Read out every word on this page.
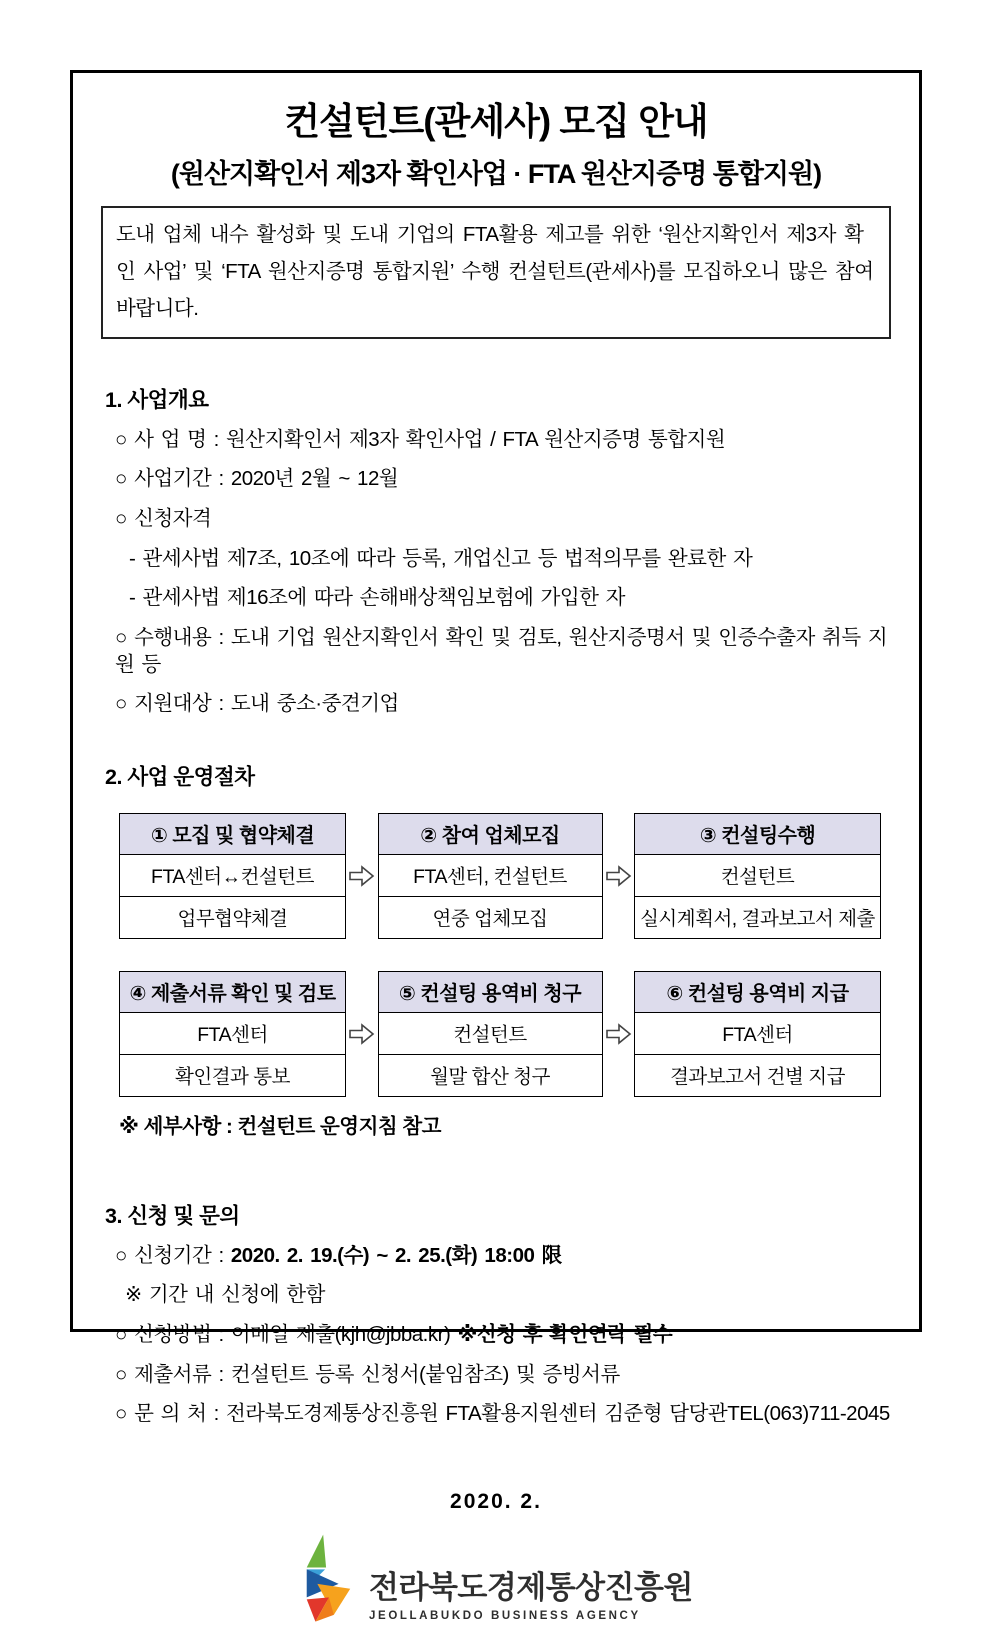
컨설턴트(관세사) 모집 안내
(원산지확인서 제3자 확인사업 · FTA 원산지증명 통합지원)
도내 업체 내수 활성화 및 도내 기업의 FTA활용 제고를 위한 ‘원산지확인서 제3자 확인 사업’ 및 ‘FTA 원산지증명 통합지원’ 수행 컨설턴트(관세사)를 모집하오니 많은 참여 바랍니다.
1. 사업개요
○ 사 업 명 : 원산지확인서 제3자 확인사업 / FTA 원산지증명 통합지원
○ 사업기간 : 2020년 2월 ~ 12월
○ 신청자격
- 관세사법 제7조, 10조에 따라 등록, 개업신고 등 법적의무를 완료한 자
- 관세사법 제16조에 따라 손해배상책임보험에 가입한 자
○ 수행내용 : 도내 기업 원산지확인서 확인 및 검토, 원산지증명서 및 인증수출자 취득 지원 등
○ 지원대상 : 도내 중소·중견기업
2. 사업 운영절차
① 모집 및 협약체결
FTA센터↔컨설턴트
업무협약체결
② 참여 업체모집
FTA센터, 컨설턴트
연중 업체모집
③ 컨설팅수행
컨설턴트
실시계획서, 결과보고서 제출
④ 제출서류 확인 및 검토
FTA센터
확인결과 통보
⑤ 컨설팅 용역비 청구
컨설턴트
월말 합산 청구
⑥ 컨설팅 용역비 지급
FTA센터
결과보고서 건별 지급
※ 세부사항 : 컨설턴트 운영지침 참고
3. 신청 및 문의
○ 신청기간 : 2020. 2. 19.(수) ~ 2. 25.(화) 18:00 限
※ 기간 내 신청에 한함
○ 신청방법 : 이메일 제출(kjh@jbba.kr) ※신청 후 확인연락 필수
○ 제출서류 : 컨설턴트 등록 신청서(붙임참조) 및 증빙서류
○ 문 의 처 : 전라북도경제통상진흥원 FTA활용지원센터 김준형 담당관TEL(063)711-2045
2020. 2.
전라북도경제통상진흥원
JEOLLABUKDO BUSINESS AGENCY
